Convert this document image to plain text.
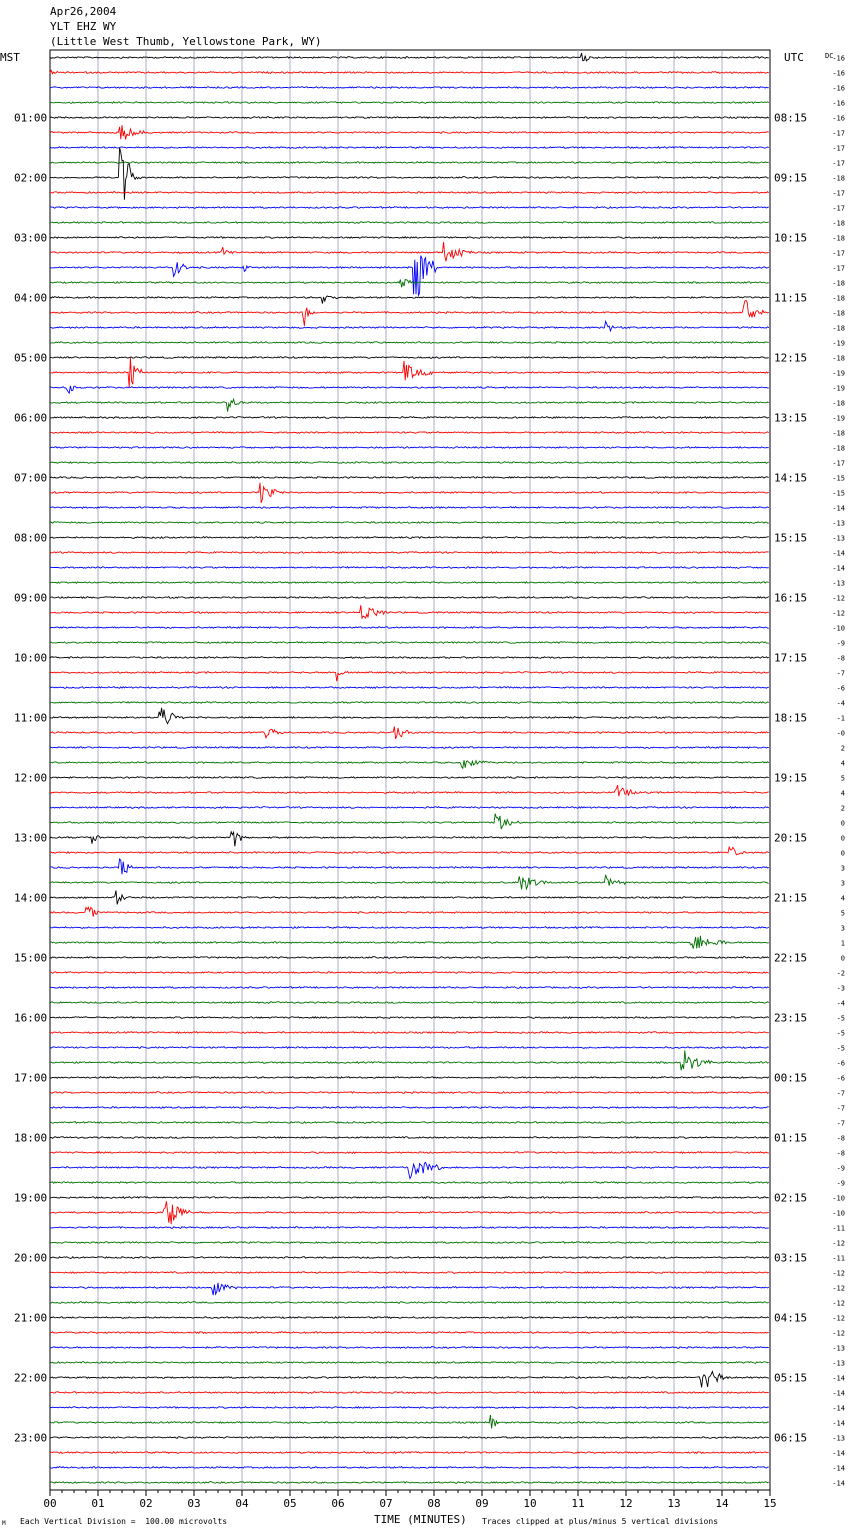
Apr26,2004
YLT EHZ WY
(Little West Thumb, Yellowstone Park, WY)
01:00	08:15
02:00	09:15
03:00	10:15
04:00	11:15
05:00	12:15
06:00	13:15
07:00	14:15
08:00	15:15
09:00	16:15
10:00	17:15
11:00	18:15
12:00	19:15
13:00	20:15
14:00	21:15
15:00	22:15
16:00	23:15
17:00	00:15
18:00	01:15
19:00	02:15
20:00	03:15
21:00	04:15
22:00	05:15
23:00	06:15
-16
-16
-16
-16
-16
-17
-17
-17
-18
-17
-17
-18
-18
-17
-17
-18
-18
-18
-18
-19
-18
-19
-19
-18
-19
-18
-18
-17
-15
-15
-14
-13
-13
-14
-14
-13
-12
-12
-10
-9
-8
-7
-6
-4
-1
-0
2
4
5
4
2
0
0
0
3
3
4
5
3
1
0
-2
-3
-4
-5
-5
-5
-6
-6
-7
-7
-7
-8
-8
-9
-9
-10
-10
-11
-12
-11
-12
-12
-12
-12
-12
-13
-13
-14
-14
-14
-14
-13
-14
-14
-14
00	01	02	03	04	05	06	07	08	09	10	11	12	13	14	15
MST	UTC	DC
TIME (MINUTES)
Each Vertical Division =  100.00 microvolts	Traces clipped at plus/minus 5 vertical divisions
M
